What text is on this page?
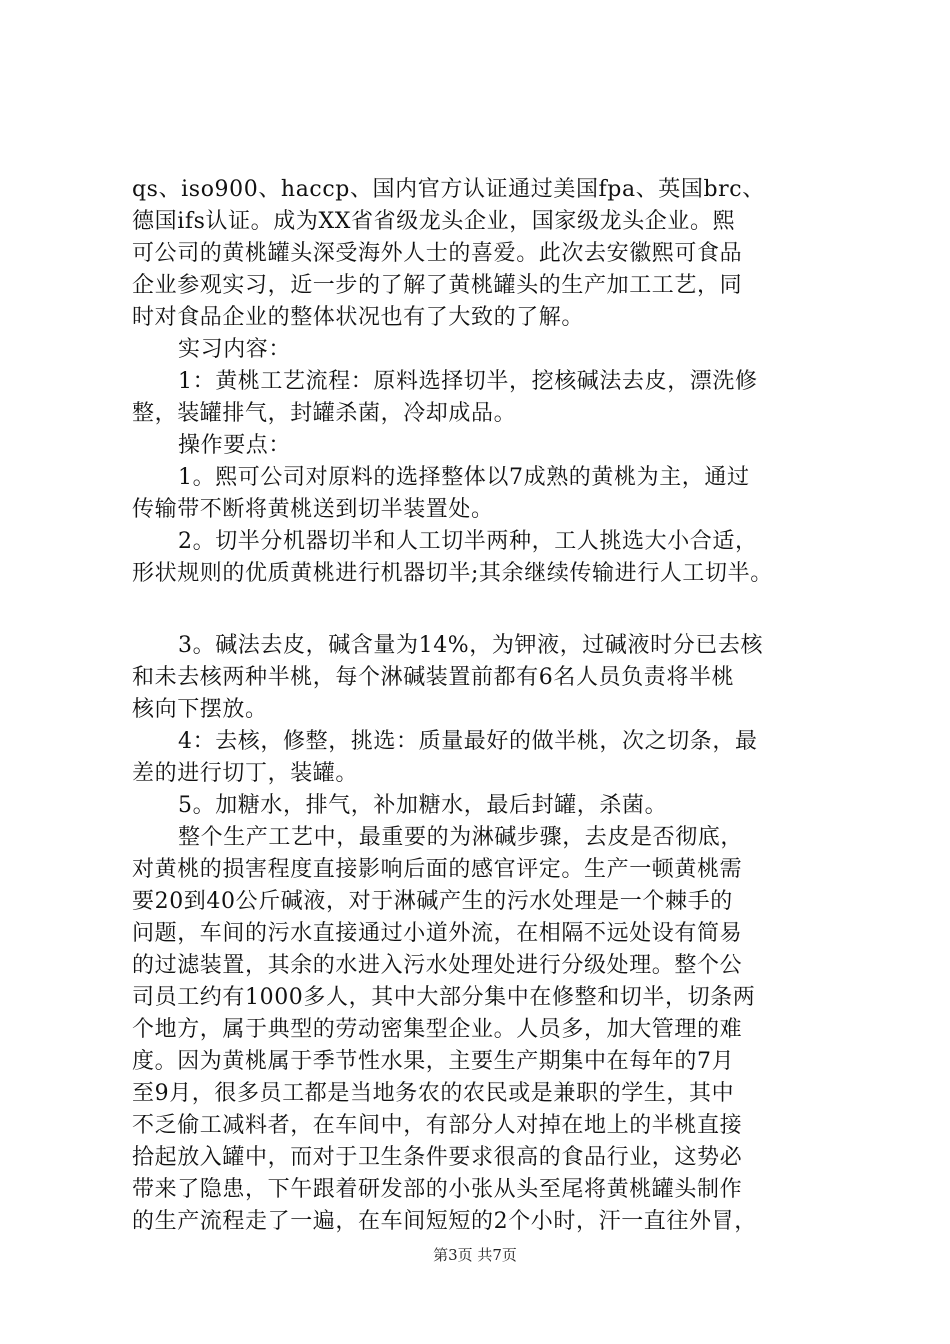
qs、iso900、haccp、国内官方认证通过美国fpa、英国brc、
德国ifs认证。成为XX省省级龙头企业，国家级龙头企业。熙
可公司的黄桃罐头深受海外人士的喜爱。此次去安徽熙可食品
企业参观实习，近一步的了解了黄桃罐头的生产加工工艺，同
时对食品企业的整体状况也有了大致的了解。
实习内容：
1：黄桃工艺流程：原料选择切半，挖核碱法去皮，漂洗修
整，装罐排气，封罐杀菌，冷却成品。
操作要点：
1。熙可公司对原料的选择整体以7成熟的黄桃为主，通过
传输带不断将黄桃送到切半装置处。
2。切半分机器切半和人工切半两种，工人挑选大小合适，
形状规则的优质黄桃进行机器切半;其余继续传输进行人工切半。
3。碱法去皮，碱含量为14%，为钾液，过碱液时分已去核
和未去核两种半桃，每个淋碱装置前都有6名人员负责将半桃
核向下摆放。
4：去核，修整，挑选：质量最好的做半桃，次之切条，最
差的进行切丁，装罐。
5。加糖水，排气，补加糖水，最后封罐，杀菌。
整个生产工艺中，最重要的为淋碱步骤，去皮是否彻底，
对黄桃的损害程度直接影响后面的感官评定。生产一顿黄桃需
要20到40公斤碱液，对于淋碱产生的污水处理是一个棘手的
问题，车间的污水直接通过小道外流，在相隔不远处设有简易
的过滤装置，其余的水进入污水处理处进行分级处理。整个公
司员工约有1000多人，其中大部分集中在修整和切半，切条两
个地方，属于典型的劳动密集型企业。人员多，加大管理的难
度。因为黄桃属于季节性水果，主要生产期集中在每年的7月
至9月，很多员工都是当地务农的农民或是兼职的学生，其中
不乏偷工减料者，在车间中，有部分人对掉在地上的半桃直接
拾起放入罐中，而对于卫生条件要求很高的食品行业，这势必
带来了隐患，下午跟着研发部的小张从头至尾将黄桃罐头制作
的生产流程走了一遍，在车间短短的2个小时，汗一直往外冒，
第3页 共7页
